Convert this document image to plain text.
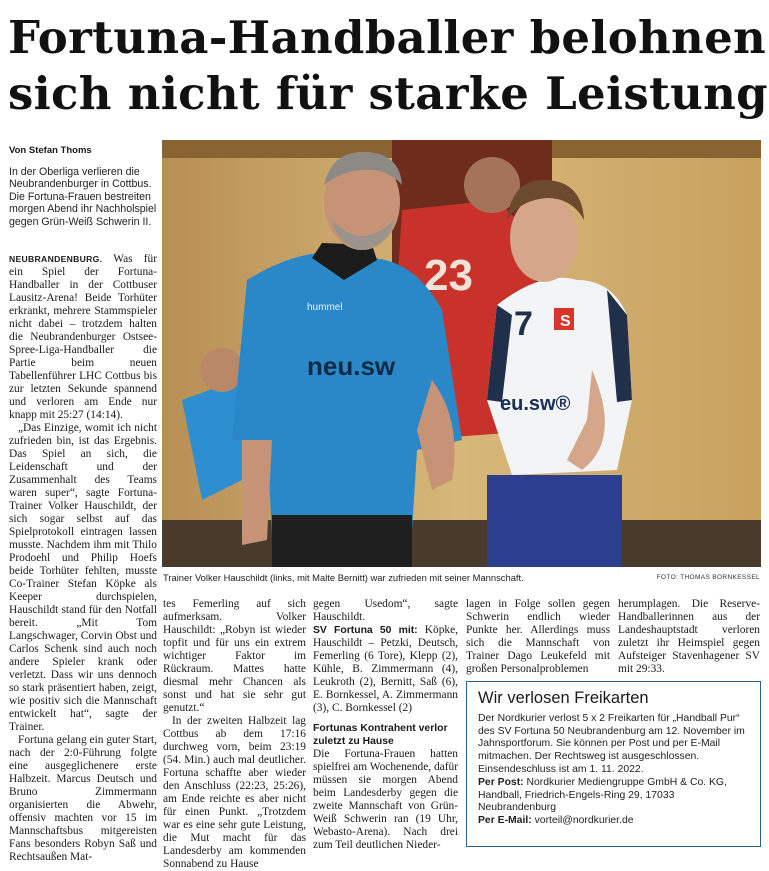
Fortuna-Handballer belohnen
sich nicht für starke Leistung
Von Stefan Thoms
In der Oberliga verlieren die Neubrandenburger in Cottbus. Die Fortuna-Frauen bestreiten morgen Abend ihr Nachholspiel gegen Grün-Weiß Schwerin II.
23
neu.sw
hummel	7
eu.sw®
S
Trainer Volker Hauschildt (links, mit Malte Bernitt) war zufrieden mit seiner Mannschaft.	FOTO: THOMAS BORNKESSEL

NEUBRANDENBURG. Was für ein Spiel der Fortuna-Handballer in der Cottbuser Lausitz-Arena! Beide Torhüter erkrankt, mehrere Stammspieler nicht dabei – trotzdem halten die Neubrandenburger Ostsee-Spree-Liga-Handballer die Partie beim neuen Tabellenführer LHC Cottbus bis zur letzten Sekunde spannend und verloren am Ende nur knapp mit 25:27 (14:14).

„Das Einzige, womit ich nicht zufrieden bin, ist das Ergebnis. Das Spiel an sich, die Leidenschaft und der Zusammenhalt des Teams waren super“, sagte Fortuna-Trainer Volker Hauschildt, der sich sogar selbst auf das Spielprotokoll eintragen lassen musste. Nachdem ihm mit Thilo Prodoehl und Philip Hoefs beide Torhüter fehlten, musste Co-Trainer Stefan Köpke als Keeper durchspielen, Hauschildt stand für den Notfall bereit. „Mit Tom Langschwager, Corvin Obst und Carlos Schenk sind auch noch andere Spieler krank oder verletzt. Dass wir uns dennoch so stark präsentiert haben, zeigt, wie positiv sich die Mannschaft entwickelt hat“, sagte der Trainer.

Fortuna gelang ein guter Start, nach der 2:0-Führung folgte eine ausgeglichenere erste Halbzeit. Marcus Deutsch und Bruno Zimmermann organisierten die Abwehr, offensiv machten vor 15 im Mannschaftsbus mitgereisten Fans besonders Robyn Saß und Rechtsaußen Mat-

tes Femerling auf sich aufmerksam. Volker Hauschildt: „Robyn ist wieder topfit und für uns ein extrem wichtiger Faktor im Rückraum. Mattes hatte diesmal mehr Chancen als sonst und hat sie sehr gut genutzt.“

In der zweiten Halbzeit lag Cottbus ab dem 17:16 durchweg vorn, beim 23:19 (54. Min.) auch mal deutlicher. Fortuna schaffte aber wieder den Anschluss (22:23, 25:26), am Ende reichte es aber nicht für einen Punkt. „Trotzdem war es eine sehr gute Leistung, die Mut macht für das Landesderby am kommenden Sonnabend zu Hause

gegen Usedom“, sagte Hauschildt.

SV Fortuna 50 mit: Köpke, Hauschildt – Petzki, Deutsch, Femerling (6 Tore), Klepp (2), Kühle, B. Zimmermann (4), Leukroth (2), Bernitt, Saß (6), E. Bornkessel, A. Zimmermann (3), C. Bornkessel (2)

Fortunas Kontrahent verlor zuletzt zu Hause

Die Fortuna-Frauen hatten spielfrei am Wochenende, dafür müssen sie morgen Abend beim Landesderby gegen die zweite Mannschaft von Grün-Weiß Schwerin ran (19 Uhr, Webasto-Arena). Nach drei zum Teil deutlichen Nieder-

lagen in Folge sollen gegen Schwerin endlich wieder Punkte her. Allerdings muss sich die Mannschaft von Trainer Dago Leukefeld mit großen Personalproblemen

herumplagen. Die Reserve-Handballerinnen aus der Landeshauptstadt verloren zuletzt ihr Heimspiel gegen Aufsteiger Stavenhagener SV mit 29:33.

Wir verlosen Freikarten

Der Nordkurier verlost 5 x 2 Freikarten für „Handball Pur“ des SV Fortuna 50 Neubrandenburg am 12. November im Jahnsportforum. Sie können per Post und per E-Mail mitmachen. Der Rechtsweg ist ausgeschlossen. Einsendeschluss ist am 1. 11. 2022.

Per Post: Nordkurier Mediengruppe GmbH & Co. KG, Handball, Friedrich-Engels-Ring 29, 17033 Neubrandenburg

Per E-Mail: vorteil@nordkurier.de
